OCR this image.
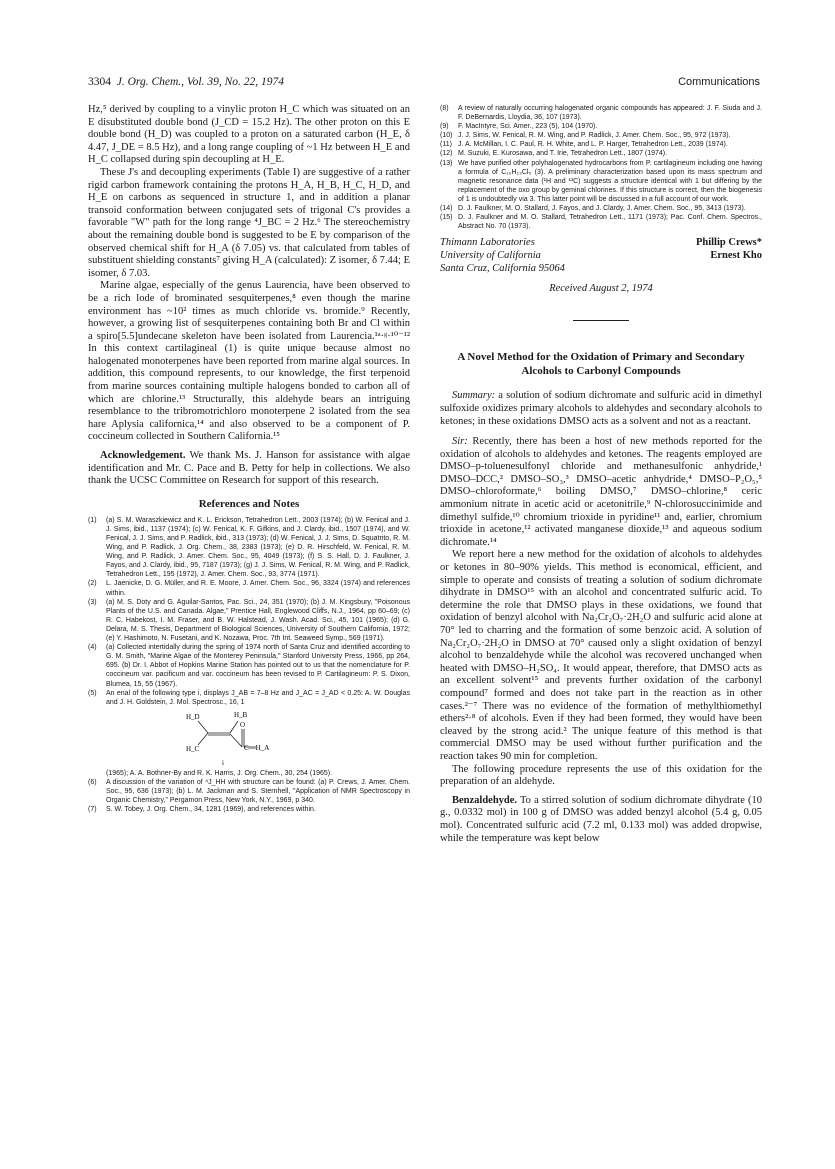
3304 J. Org. Chem., Vol. 39, No. 22, 1974	Communications

Hz,⁵ derived by coupling to a vinylic proton H_C which was situated on an E disubstituted double bond (J_CD = 15.2 Hz). The other proton on this E double bond (H_D) was coupled to a proton on a saturated carbon (H_E, δ 4.47, J_DE = 8.5 Hz), and a long range coupling of ~1 Hz between H_E and H_C collapsed during spin decoupling at H_E.

These J's and decoupling experiments (Table I) are suggestive of a rather rigid carbon framework containing the protons H_A, H_B, H_C, H_D, and H_E on carbons as sequenced in structure 1, and in addition a planar transoid conformation between conjugated sets of trigonal C's provides a favorable "W" path for the long range ⁴J_BC = 2 Hz.⁶ The stereochemistry about the remaining double bond is suggested to be E by comparison of the observed chemical shift for H_A (δ 7.05) vs. that calculated from tables of substituent shielding constants⁷ giving H_A (calculated): Z isomer, δ 7.44; E isomer, δ 7.03.

Marine algae, especially of the genus Laurencia, have been observed to be a rich lode of brominated sesquiterpenes,⁸ even though the marine environment has ~10² times as much chloride vs. bromide.⁹ Recently, however, a growing list of sesquiterpenes containing both Br and Cl within a spiro[5.5]undecane skeleton have been isolated from Laurencia.¹ᵃ·ᵍ·¹⁰⁻¹² In this context cartilagineal (1) is quite unique because almost no halogenated monoterpenes have been reported from marine algal sources. In addition, this compound represents, to our knowledge, the first terpenoid from marine sources containing multiple halogens bonded to carbon all of which are chlorine.¹³ Structurally, this aldehyde bears an intriguing resemblance to the tribromotrichloro monoterpene 2 isolated from the sea hare Aplysia californica,¹⁴ and also observed to be a component of P. coccineum collected in Southern California.¹⁵

Acknowledgement. We thank Ms. J. Hanson for assistance with algae identification and Mr. C. Pace and B. Petty for help in collections. We also thank the UCSC Committee on Research for support of this research.

References and Notes
(1) (a) S. M. Waraszkiewicz and K. L. Erickson, Tetrahedron Lett., 2003 (1974); (b) W. Fenical and J. J. Sims, ibid., 1137 (1974); (c) W. Fenical, K. F. Gifkins, and J. Clardy, ibid., 1507 (1974), and W. Fenical, J. J. Sims, and P. Radlick, ibid., 313 (1973); (d) W. Fenical, J. J. Sims, D. Squatrito, R. M. Wing, and P. Radlick, J. Org. Chem., 38, 2383 (1973); (e) D. R. Hirschfeld, W. Fenical, R. M. Wing, and P. Radlick, J. Amer. Chem. Soc., 95, 4049 (1973); (f) S. S. Hall, D. J. Faulkner, J. Fayos, and J. Clardy, ibid., 95, 7187 (1973); (g) J. J. Sims, W. Fenical, R. M. Wing, and P. Radlick, Tetrahedron Lett., 195 (1972), J. Amer. Chem. Soc., 93, 3774 (1971).
(2) L. Jaenicke, D. G. Müller, and R. E. Moore, J. Amer. Chem. Soc., 96, 3324 (1974) and references within.
(3) (a) M. S. Doty and G. Aguilar-Santos, Pac. Sci., 24, 351 (1970); (b) J. M. Kingsbury, "Poisonous Plants of the U.S. and Canada. Algae," Prentice Hall, Englewood Cliffs, N.J., 1964, pp 60–69; (c) R. C. Habekost, I. M. Fraser, and B. W. Halstead, J. Wash. Acad. Sci., 45, 101 (1965); (d) G. Delara, M. S. Thesis, Department of Biological Sciences, University of Southern California, 1972; (e) Y. Hashimoto, N. Fusetani, and K. Nozawa, Proc. 7th Int. Seaweed Symp., 569 (1971).
(4) (a) Collected intertidally during the spring of 1974 north of Santa Cruz and identified according to G. M. Smith, "Marine Algae of the Monterey Peninsula," Stanford University Press, 1966, pp 264, 695. (b) Dr. I. Abbot of Hopkins Marine Station has pointed out to us that the nomenclature for P. coccineum var. pacificum and var. coccineum has been revised to P. Cartilagineum: P. S. Dixon, Blumea, 15, 55 (1967).
(5) An enal of the following type i, displays J_AB = 7–8 Hz and J_AC = J_AD < 0.25: A. W. Douglas and J. H. Goldstein, J. Mol. Spectrosc., 16, 1
H_D	H_B
H_C
O
C—H_A
i
(1965); A. A. Bothner-By and R. K. Harris, J. Org. Chem., 30, 254 (1965).
(6) A discussion of the variation of ⁴J_HH with structure can be found: (a) P. Crews, J. Amer. Chem. Soc., 95, 636 (1973); (b) L. M. Jackman and S. Sternhell, "Application of NMR Spectroscopy in Organic Chemistry," Pergamon Press, New York, N.Y., 1969, p 340.
(7) S. W. Tobey, J. Org. Chem., 34, 1281 (1969), and references within.
(8) A review of naturally occurring halogenated organic compounds has appeared: J. F. Siuda and J. F. DeBernardis, Lloydia, 36, 107 (1973).
(9) F. MacIntyre, Sci. Amer., 223 (5), 104 (1970).
(10) J. J. Sims, W. Fenical, R. M. Wing, and P. Radlick, J. Amer. Chem. Soc., 95, 972 (1973).
(11) J. A. McMillan, I. C. Paul, R. H. White, and L. P. Harger, Tetrahedron Lett., 2039 (1974).
(12) M. Suzuki, E. Kurosawa, and T. Irie, Tetrahedron Lett., 1807 (1974).
(13) We have purified other polyhalogenated hydrocarbons from P. cartilagineum including one having a formula of C₁₀H₁₃Cl₅ (3). A preliminary characterization based upon its mass spectrum and magnetic resonance data (¹H and ¹³C) suggests a structure identical with 1 but differing by the replacement of the oxo group by geminal chlorines. If this structure is correct, then the biogenesis of 1 is undoubtedly via 3. This latter point will be discussed in a full account of our work.
(14) D. J. Faulkner, M. O. Stallard, J. Fayos, and J. Clardy, J. Amer. Chem. Soc., 95, 3413 (1973).
(15) D. J. Faulkner and M. O. Stallard, Tetrahedron Lett., 1171 (1973); Pac. Conf. Chem. Spectros., Abstract No. 70 (1973).
Thimann Laboratories
University of California
Santa Cruz, California 95064
Phillip Crews*
Ernest Kho

Received August 2, 1974

A Novel Method for the Oxidation of Primary and Secondary Alcohols to Carbonyl Compounds

Summary: a solution of sodium dichromate and sulfuric acid in dimethyl sulfoxide oxidizes primary alcohols to aldehydes and secondary alcohols to ketones; in these oxidations DMSO acts as a solvent and not as a reactant.

Sir: Recently, there has been a host of new methods reported for the oxidation of alcohols to aldehydes and ketones. The reagents employed are DMSO–p-toluenesulfonyl chloride and methanesulfonic anhydride,¹ DMSO–DCC,² DMSO–SO₃,³ DMSO–acetic anhydride,⁴ DMSO–P₂O₅,⁵ DMSO–chloroformate,⁶ boiling DMSO,⁷ DMSO–chlorine,⁸ ceric ammonium nitrate in acetic acid or acetonitrile,⁹ N-chlorosuccinimide and dimethyl sulfide,¹⁰ chromium trioxide in pyridine¹¹ and, earlier, chromium trioxide in acetone,¹² activated manganese dioxide,¹³ and aqueous sodium dichromate.¹⁴

We report here a new method for the oxidation of alcohols to aldehydes or ketones in 80–90% yields. This method is economical, efficient, and simple to operate and consists of treating a solution of sodium dichromate dihydrate in DMSO¹⁵ with an alcohol and concentrated sulfuric acid. To determine the role that DMSO plays in these oxidations, we found that oxidation of benzyl alcohol with Na₂Cr₂O₇·2H₂O and sulfuric acid alone at 70° led to charring and the formation of some benzoic acid. A solution of Na₂Cr₂O₇·2H₂O in DMSO at 70° caused only a slight oxidation of benzyl alcohol to benzaldehyde while the alcohol was recovered unchanged when heated with DMSO–H₂SO₄. It would appear, therefore, that DMSO acts as an excellent solvent¹⁵ and prevents further oxidation of the carbonyl compound⁷ formed and does not take part in the reaction as in other cases.²⁻⁷ There was no evidence of the formation of methylthiomethyl ethers²·⁸ of alcohols. Even if they had been formed, they would have been cleaved by the strong acid.² The unique feature of this method is that commercial DMSO may be used without further purification and the reaction takes 90 min for completion.

The following procedure represents the use of this oxidation for the preparation of an aldehyde.

Benzaldehyde. To a stirred solution of sodium dichromate dihydrate (10 g., 0.0332 mol) in 100 g of DMSO was added benzyl alcohol (5.4 g, 0.05 mol). Concentrated sulfuric acid (7.2 ml, 0.133 mol) was added dropwise, while the temperature was kept below
